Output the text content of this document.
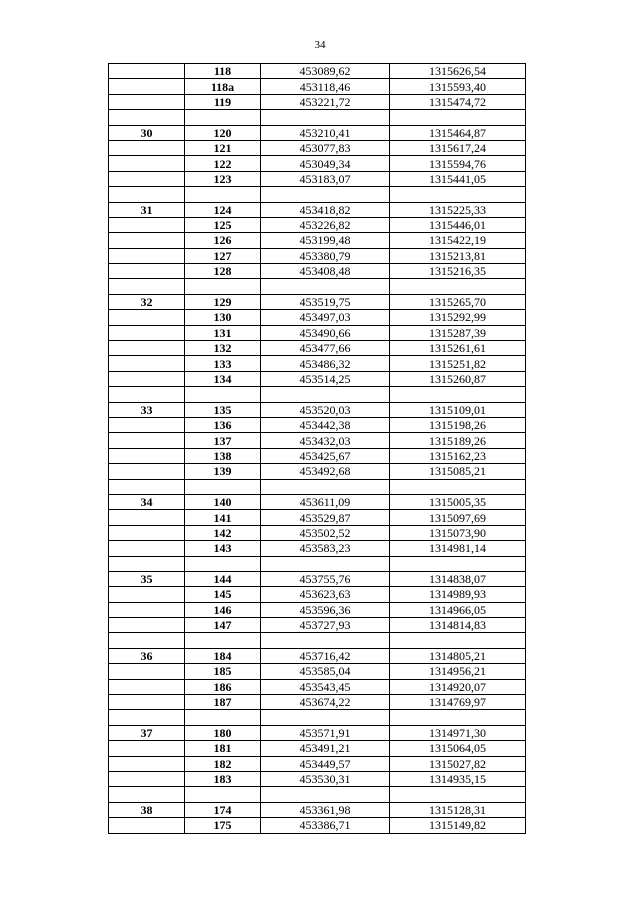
34
	118	453089,62	1315626,54
	118a	453118,46	1315593,40
	119	453221,72	1315474,72

30	120	453210,41	1315464,87
	121	453077,83	1315617,24
	122	453049,34	1315594,76
	123	453183,07	1315441,05

31	124	453418,82	1315225,33
	125	453226,82	1315446,01
	126	453199,48	1315422,19
	127	453380,79	1315213,81
	128	453408,48	1315216,35

32	129	453519,75	1315265,70
	130	453497,03	1315292,99
	131	453490,66	1315287,39
	132	453477,66	1315261,61
	133	453486,32	1315251,82
	134	453514,25	1315260,87

33	135	453520,03	1315109,01
	136	453442,38	1315198,26
	137	453432,03	1315189,26
	138	453425,67	1315162,23
	139	453492,68	1315085,21

34	140	453611,09	1315005,35
	141	453529,87	1315097,69
	142	453502,52	1315073,90
	143	453583,23	1314981,14

35	144	453755,76	1314838,07
	145	453623,63	1314989,93
	146	453596,36	1314966,05
	147	453727,93	1314814,83

36	184	453716,42	1314805,21
	185	453585,04	1314956,21
	186	453543,45	1314920,07
	187	453674,22	1314769,97

37	180	453571,91	1314971,30
	181	453491,21	1315064,05
	182	453449,57	1315027,82
	183	453530,31	1314935,15

38	174	453361,98	1315128,31
	175	453386,71	1315149,82
